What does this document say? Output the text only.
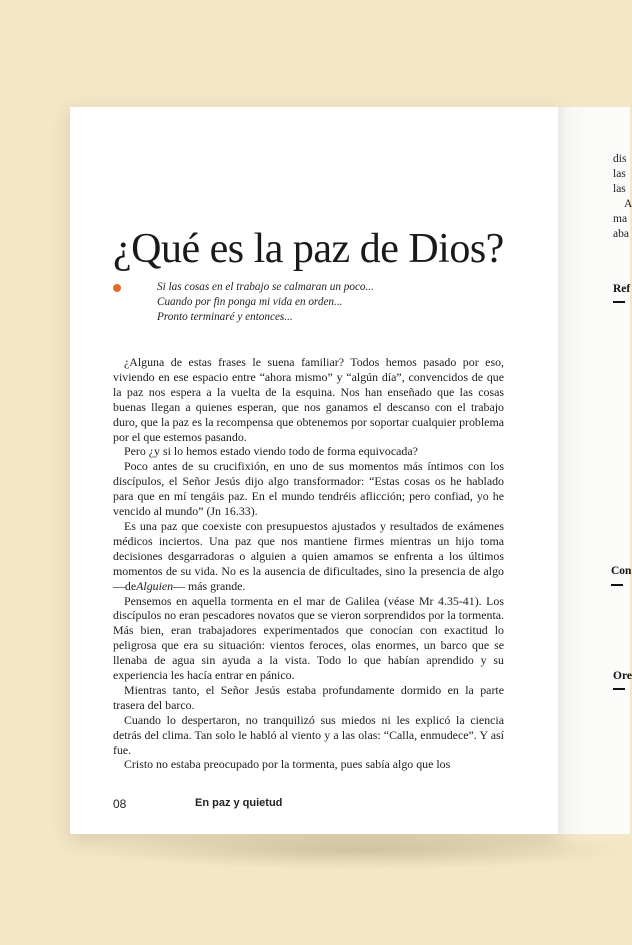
¿Qué es la paz de Dios?
Si las cosas en el trabajo se calmaran un poco...
Cuando por fin ponga mi vida en orden...
Pronto terminaré y entonces...

¿Alguna de estas frases le suena familiar? Todos hemos pasado por eso, viviendo en ese espacio entre “ahora mismo” y “algún día”, convencidos de que la paz nos espera a la vuelta de la esquina. Nos han enseñado que las cosas buenas llegan a quienes esperan, que nos ganamos el descanso con el trabajo duro, que la paz es la recompensa que obtenemos por soportar cualquier problema por el que estemos pasando.

Pero ¿y si lo hemos estado viendo todo de forma equivocada?

Poco antes de su crucifixión, en uno de sus momentos más íntimos con los discípulos, el Señor Jesús dijo algo transformador: “Estas cosas os he hablado para que en mí tengáis paz. En el mundo tendréis aflicción; pero confiad, yo he vencido al mundo” (Jn 16.33).

Es una paz que coexiste con presupuestos ajustados y resultados de exámenes médicos inciertos. Una paz que nos mantiene firmes mientras un hijo toma decisiones desgarradoras o alguien a quien amamos se enfrenta a los últimos momentos de su vida. No es la ausencia de dificultades, sino la presencia de algo —deAlguien— más grande.

Pensemos en aquella tormenta en el mar de Galilea (véase Mr 4.35-41). Los discípulos no eran pescadores novatos que se vieron sorprendidos por la tormenta. Más bien, eran trabajadores experimentados que conocían con exactitud lo peligrosa que era su situación: vientos feroces, olas enormes, un barco que se llenaba de agua sin ayuda a la vista. Todo lo que habían aprendido y su experiencia les hacía entrar en pánico.

Mientras tanto, el Señor Jesús estaba profundamente dormido en la parte trasera del barco.

Cuando lo despertaron, no tranquilizó sus miedos ni les explicó la ciencia detrás del clima. Tan solo le habló al viento y a las olas: “Calla, enmudece”. Y así fue.

Cristo no estaba preocupado por la tormenta, pues sabía algo que los

08	En paz y quietud
dis
las
las
A
ma
aba
Ref
Con
Ore
